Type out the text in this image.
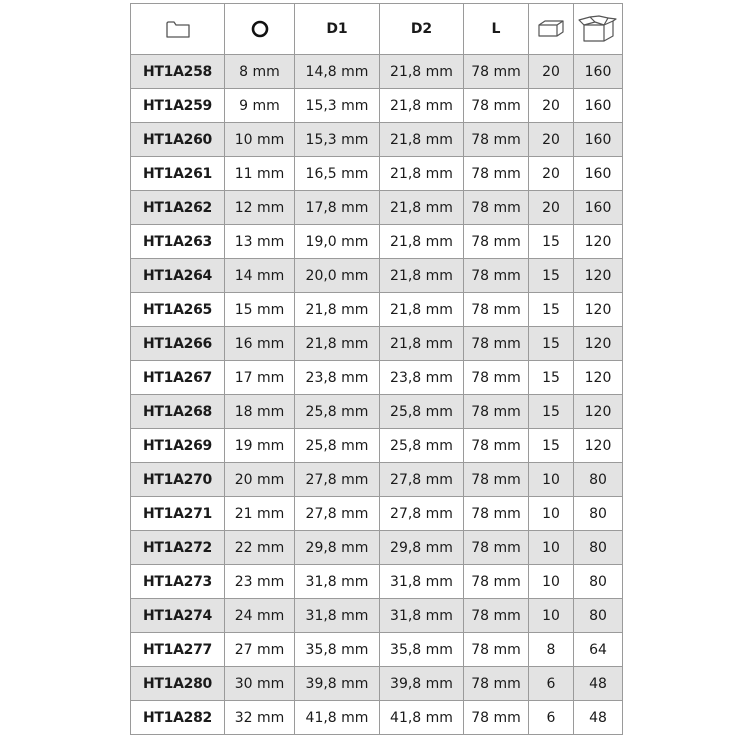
		D1	D2	L		
HT1A258	8 mm	14,8 mm	21,8 mm	78 mm	20	160
HT1A259	9 mm	15,3 mm	21,8 mm	78 mm	20	160
HT1A260	10 mm	15,3 mm	21,8 mm	78 mm	20	160
HT1A261	11 mm	16,5 mm	21,8 mm	78 mm	20	160
HT1A262	12 mm	17,8 mm	21,8 mm	78 mm	20	160
HT1A263	13 mm	19,0 mm	21,8 mm	78 mm	15	120
HT1A264	14 mm	20,0 mm	21,8 mm	78 mm	15	120
HT1A265	15 mm	21,8 mm	21,8 mm	78 mm	15	120
HT1A266	16 mm	21,8 mm	21,8 mm	78 mm	15	120
HT1A267	17 mm	23,8 mm	23,8 mm	78 mm	15	120
HT1A268	18 mm	25,8 mm	25,8 mm	78 mm	15	120
HT1A269	19 mm	25,8 mm	25,8 mm	78 mm	15	120
HT1A270	20 mm	27,8 mm	27,8 mm	78 mm	10	80
HT1A271	21 mm	27,8 mm	27,8 mm	78 mm	10	80
HT1A272	22 mm	29,8 mm	29,8 mm	78 mm	10	80
HT1A273	23 mm	31,8 mm	31,8 mm	78 mm	10	80
HT1A274	24 mm	31,8 mm	31,8 mm	78 mm	10	80
HT1A277	27 mm	35,8 mm	35,8 mm	78 mm	8	64
HT1A280	30 mm	39,8 mm	39,8 mm	78 mm	6	48
HT1A282	32 mm	41,8 mm	41,8 mm	78 mm	6	48
